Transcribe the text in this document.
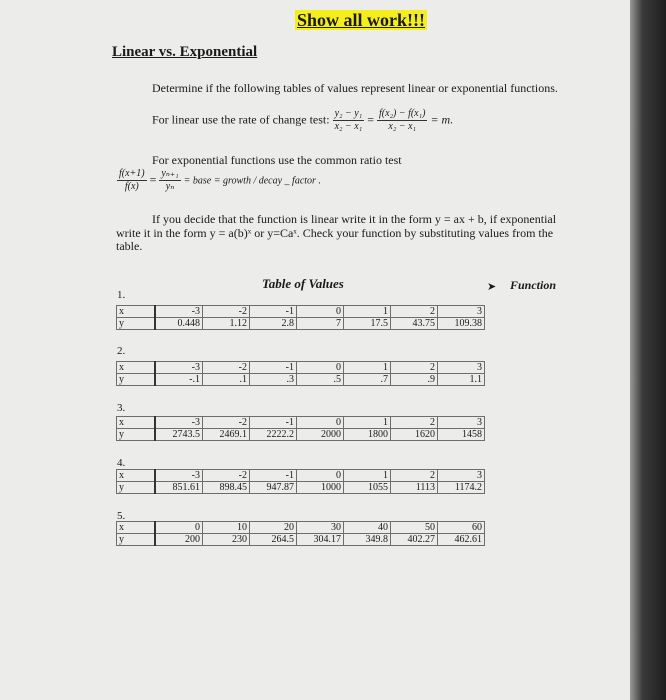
Show all work!!!
Linear vs. Exponential
Determine if the following tables of values represent linear or exponential functions.
For linear use the rate of change test: $\frac{\text{y₂ − y₁}}{\text{x₂ − x₁}} = \frac{\text{f(x₂) − f(x₁)}}{\text{x₂ − x₁}} = m$.
For exponential functions use the common ratio test
$\frac{f(x+1)}{f(x)} = \frac{\text{yₙ₊₁}}{\text{yₙ}}$ = base = growth / decay _ factor .
If you decide that the function is linear write it in the form y = ax + b, if exponential
write it in the form y = a(b)ˣ or y=Caˣ. Check your function by substituting values from the
table.
Table of Values	➤ Function
1.
x	-3	-2	-1	0	1	2	3
y	0.448	1.12	2.8	7	17.5	43.75	109.38
2.
x	-3	-2	-1	0	1	2	3
y	-.1	.1	.3	.5	.7	.9	1.1
3.
x	-3	-2	-1	0	1	2	3
y	2743.5	2469.1	2222.2	2000	1800	1620	1458
4.
x	-3	-2	-1	0	1	2	3
y	851.61	898.45	947.87	1000	1055	1113	1174.2
5.
x	0	10	20	30	40	50	60
y	200	230	264.5	304.17	349.8	402.27	462.61
